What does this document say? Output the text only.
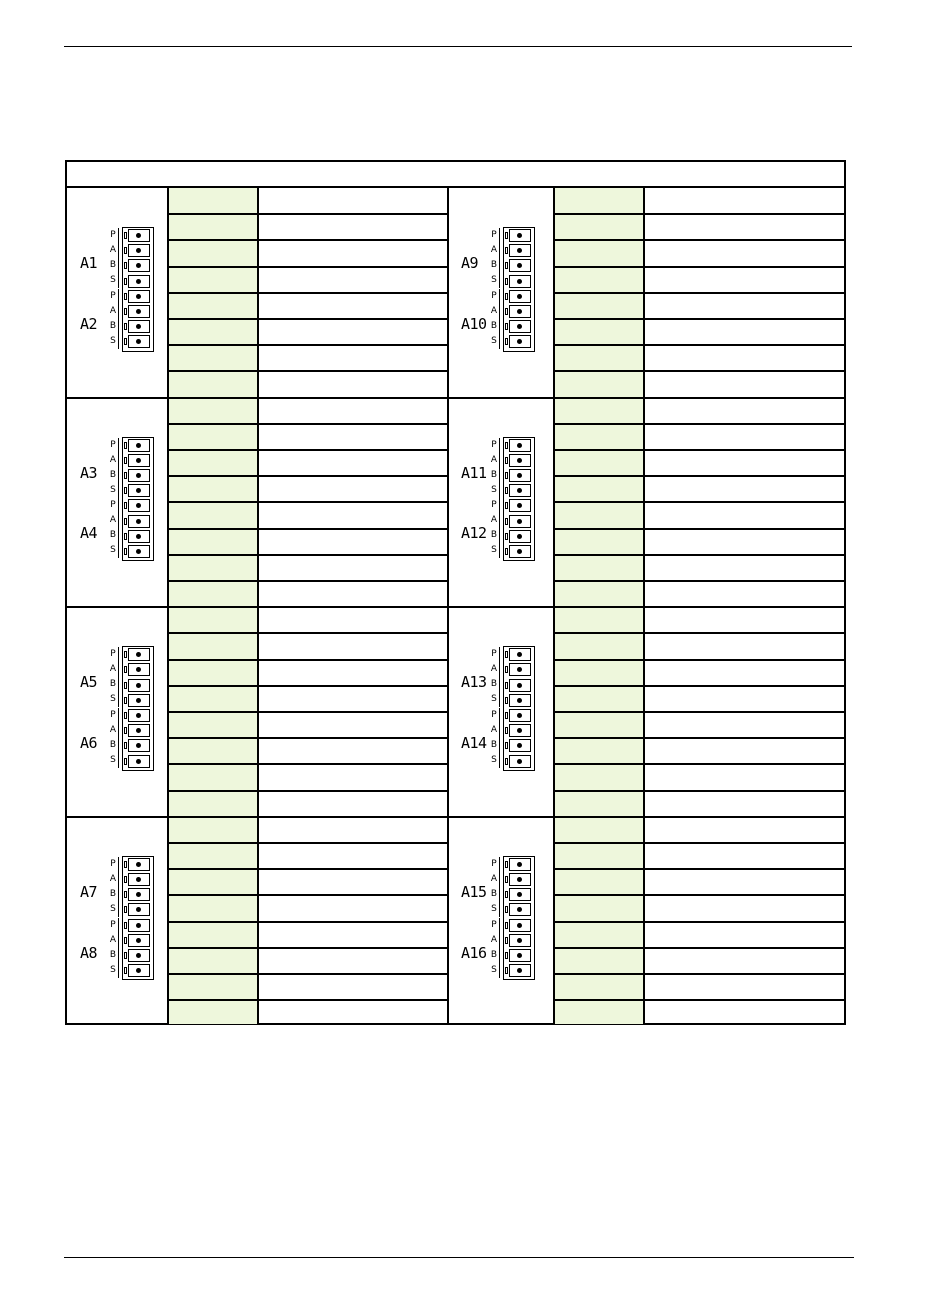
A1
P
A
B
S
A2
P
A
B
S
A9
P
A
B
S
A10
P
A
B
S
A3
P
A
B
S
A4
P
A
B
S
A11
P
A
B
S
A12
P
A
B
S
A5
P
A
B
S
A6
P
A
B
S
A13
P
A
B
S
A14
P
A
B
S
A7
P
A
B
S
A8
P
A
B
S
A15
P
A
B
S
A16
P
A
B
S
